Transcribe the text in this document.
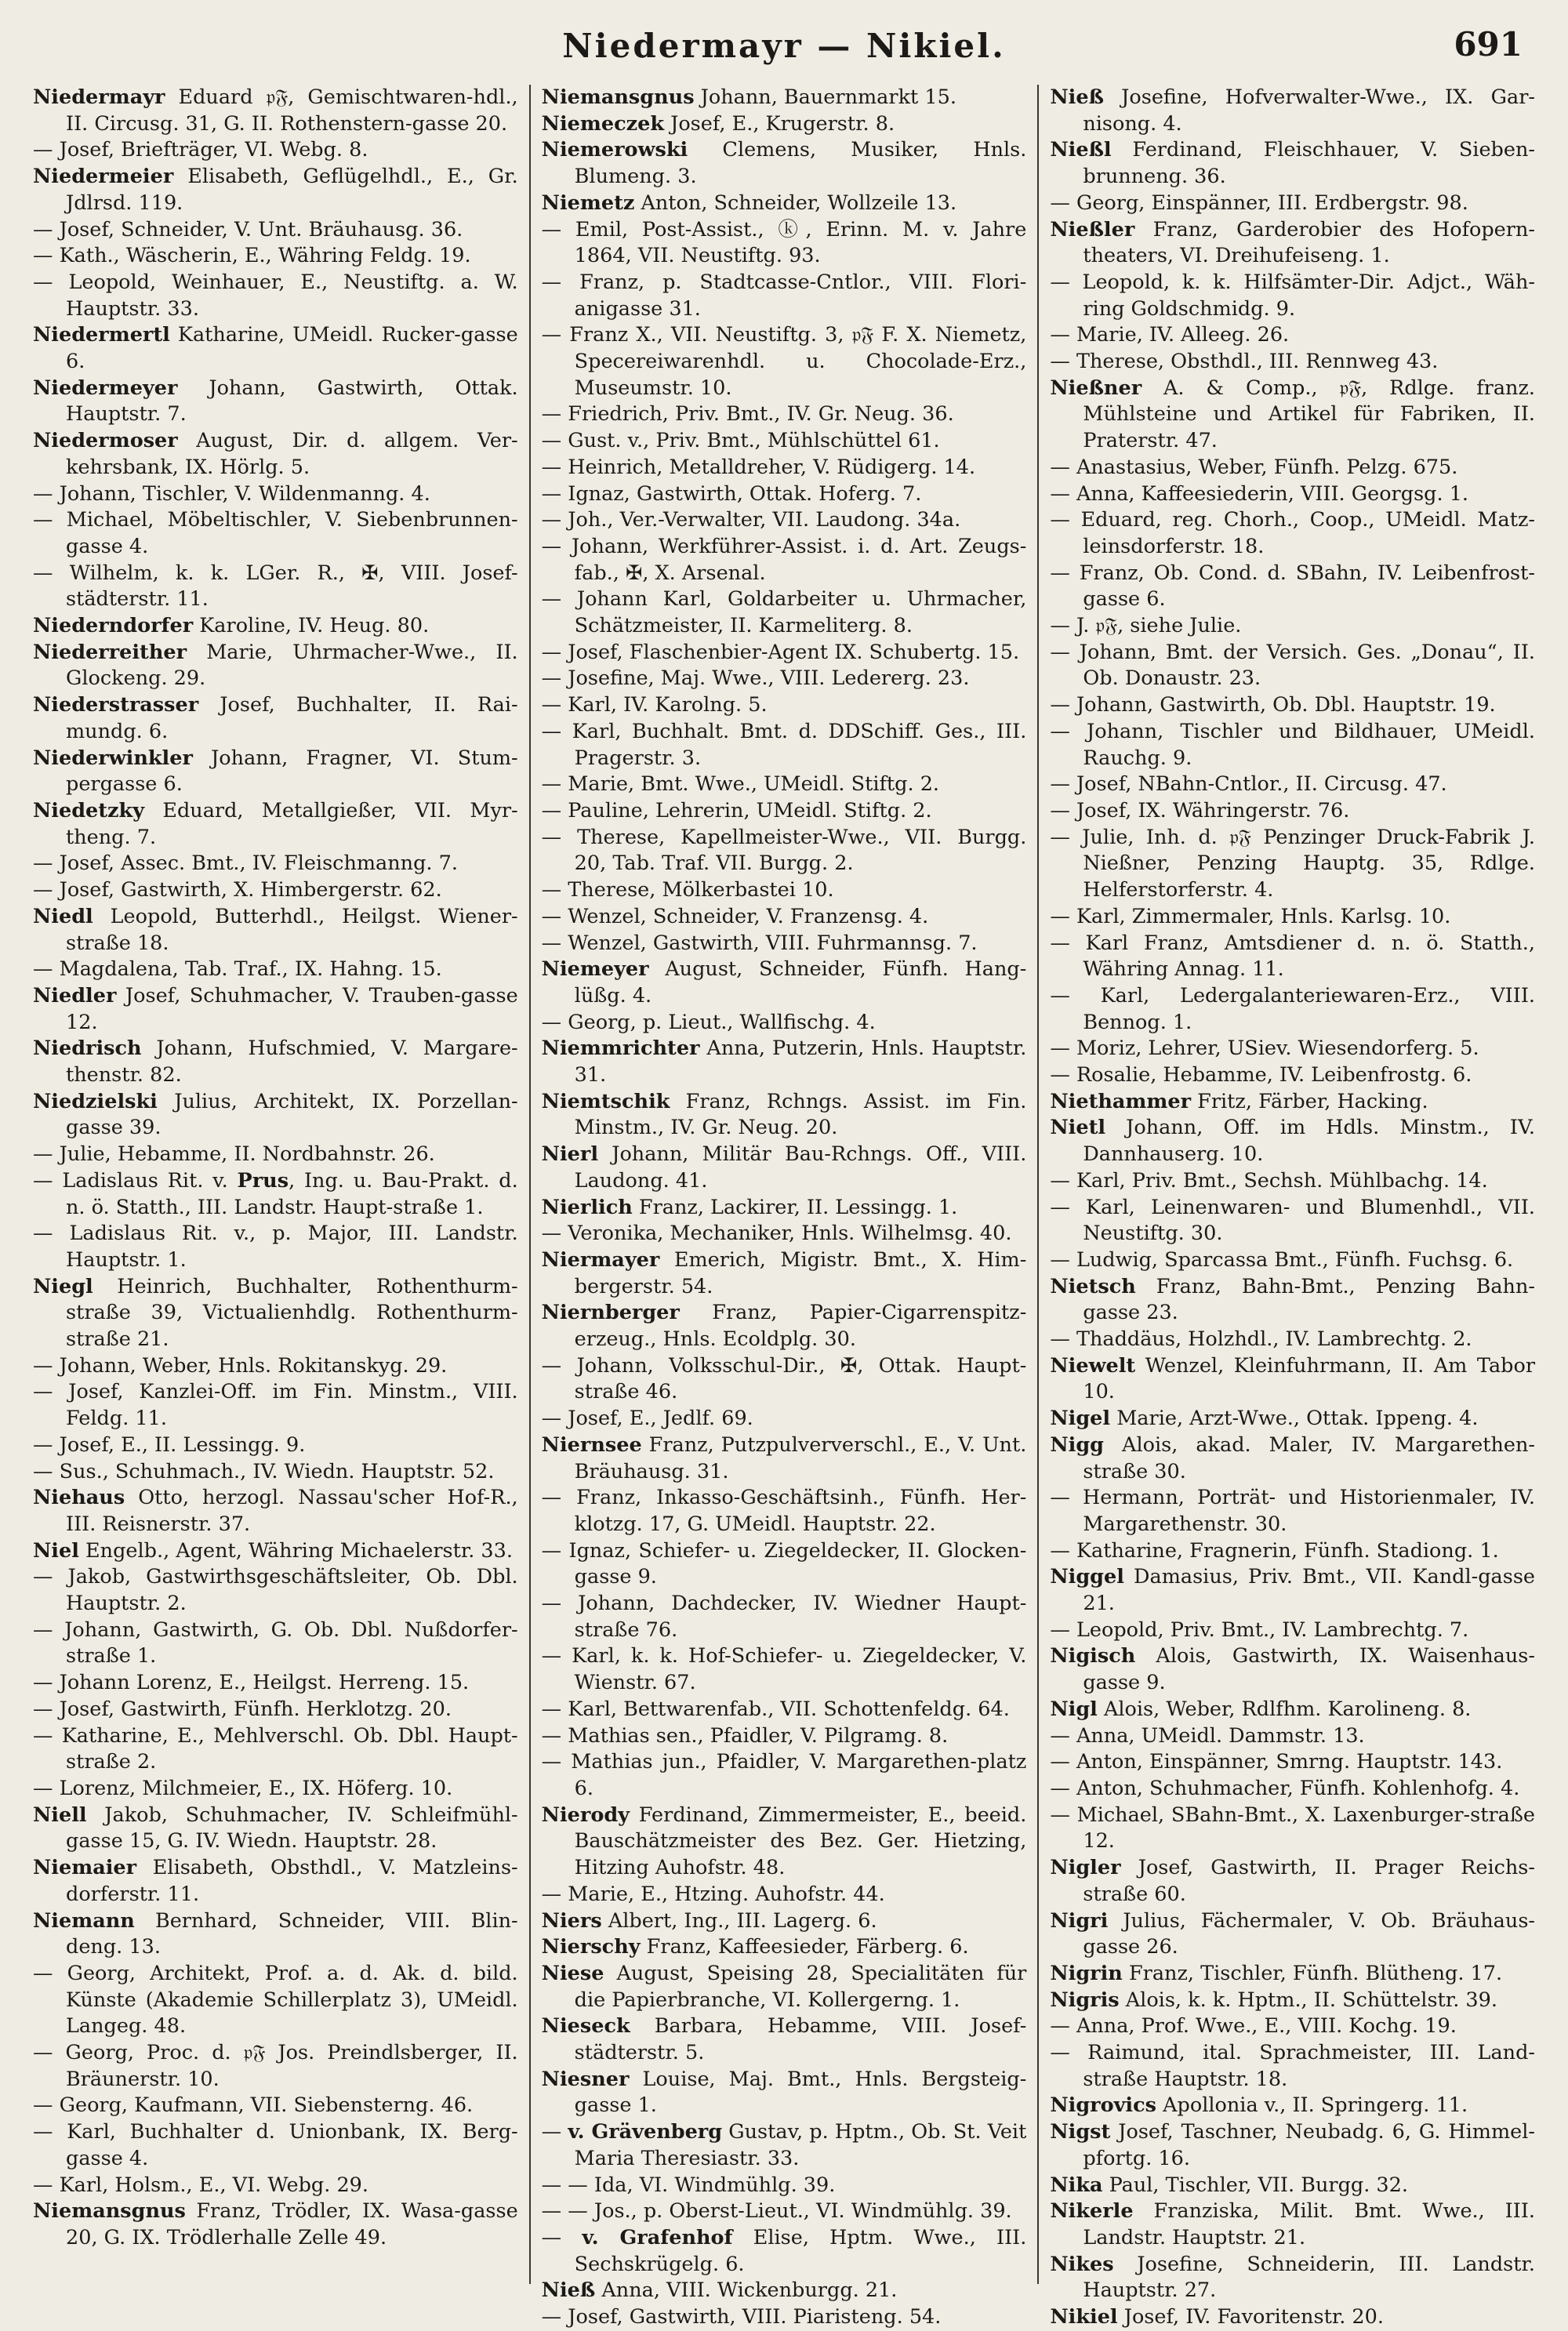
Niedermayr — Nikiel.	691

Niedermayr Eduard 𝔭𝔉, Gemischtwaren-hdl., II. Circusg. 31, G. II. Rothenstern-gasse 20.

— Josef, Briefträger, VI. Webg. 8.

Niedermeier Elisabeth, Geflügelhdl., E., Gr. Jdlrsd. 119.

— Josef, Schneider, V. Unt. Bräuhausg. 36.

— Kath., Wäscherin, E., Währing Feldg. 19.

— Leopold, Weinhauer, E., Neustiftg. a. W. Hauptstr. 33.

Niedermertl Katharine, UMeidl. Rucker-gasse 6.

Niedermeyer Johann, Gastwirth, Ottak. Hauptstr. 7.

Niedermoser August, Dir. d. allgem. Ver-kehrsbank, IX. Hörlg. 5.

— Johann, Tischler, V. Wildenmanng. 4.

— Michael, Möbeltischler, V. Siebenbrunnen-gasse 4.

— Wilhelm, k. k. LGer. R., ✠, VIII. Josef-städterstr. 11.

Niederndorfer Karoline, IV. Heug. 80.

Niederreither Marie, Uhrmacher-Wwe., II. Glockeng. 29.

Niederstrasser Josef, Buchhalter, II. Rai-mundg. 6.

Niederwinkler Johann, Fragner, VI. Stum-pergasse 6.

Niedetzky Eduard, Metallgießer, VII. Myr-theng. 7.

— Josef, Assec. Bmt., IV. Fleischmanng. 7.

— Josef, Gastwirth, X. Himbergerstr. 62.

Niedl Leopold, Butterhdl., Heilgst. Wiener-straße 18.

— Magdalena, Tab. Traf., IX. Hahng. 15.

Niedler Josef, Schuhmacher, V. Trauben-gasse 12.

Niedrisch Johann, Hufschmied, V. Margare-thenstr. 82.

Niedzielski Julius, Architekt, IX. Porzellan-gasse 39.

— Julie, Hebamme, II. Nordbahnstr. 26.

— Ladislaus Rit. v. Prus, Ing. u. Bau-Prakt. d. n. ö. Statth., III. Landstr. Haupt-straße 1.

— Ladislaus Rit. v., p. Major, III. Landstr. Hauptstr. 1.

Niegl Heinrich, Buchhalter, Rothenthurm-straße 39, Victualienhdlg. Rothenthurm-straße 21.

— Johann, Weber, Hnls. Rokitanskyg. 29.

— Josef, Kanzlei-Off. im Fin. Minstm., VIII. Feldg. 11.

— Josef, E., II. Lessingg. 9.

— Sus., Schuhmach., IV. Wiedn. Hauptstr. 52.

Niehaus Otto, herzogl. Nassau'scher Hof-R., III. Reisnerstr. 37.

Niel Engelb., Agent, Währing Michaelerstr. 33.

— Jakob, Gastwirthsgeschäftsleiter, Ob. Dbl. Hauptstr. 2.

— Johann, Gastwirth, G. Ob. Dbl. Nußdorfer-straße 1.

— Johann Lorenz, E., Heilgst. Herreng. 15.

— Josef, Gastwirth, Fünfh. Herklotzg. 20.

— Katharine, E., Mehlverschl. Ob. Dbl. Haupt-straße 2.

— Lorenz, Milchmeier, E., IX. Höferg. 10.

Niell Jakob, Schuhmacher, IV. Schleifmühl-gasse 15, G. IV. Wiedn. Hauptstr. 28.

Niemaier Elisabeth, Obsthdl., V. Matzleins-dorferstr. 11.

Niemann Bernhard, Schneider, VIII. Blin-deng. 13.

— Georg, Architekt, Prof. a. d. Ak. d. bild. Künste (Akademie Schillerplatz 3), UMeidl. Langeg. 48.

— Georg, Proc. d. 𝔭𝔉 Jos. Preindlsberger, II. Bräunerstr. 10.

— Georg, Kaufmann, VII. Siebensterng. 46.

— Karl, Buchhalter d. Unionbank, IX. Berg-gasse 4.

— Karl, Holsm., E., VI. Webg. 29.

Niemansgnus Franz, Trödler, IX. Wasa-gasse 20, G. IX. Trödlerhalle Zelle 49.

Niemansgnus Johann, Bauernmarkt 15.

Niemeczek Josef, E., Krugerstr. 8.

Niemerowski Clemens, Musiker, Hnls. Blumeng. 3.

Niemetz Anton, Schneider, Wollzeile 13.

— Emil, Post-Assist., ⓚ, Erinn. M. v. Jahre 1864, VII. Neustiftg. 93.

— Franz, p. Stadtcasse-Cntlor., VIII. Flori-anigasse 31.

— Franz X., VII. Neustiftg. 3, 𝔭𝔉 F. X. Niemetz, Specereiwarenhdl. u. Chocolade-Erz., Museumstr. 10.

— Friedrich, Priv. Bmt., IV. Gr. Neug. 36.

— Gust. v., Priv. Bmt., Mühlschüttel 61.

— Heinrich, Metalldreher, V. Rüdigerg. 14.

— Ignaz, Gastwirth, Ottak. Hoferg. 7.

— Joh., Ver.-Verwalter, VII. Laudong. 34a.

— Johann, Werkführer-Assist. i. d. Art. Zeugs-fab., ✠, X. Arsenal.

— Johann Karl, Goldarbeiter u. Uhrmacher, Schätzmeister, II. Karmeliterg. 8.

— Josef, Flaschenbier-Agent IX. Schubertg. 15.

— Josefine, Maj. Wwe., VIII. Ledererg. 23.

— Karl, IV. Karolng. 5.

— Karl, Buchhalt. Bmt. d. DDSchiff. Ges., III. Pragerstr. 3.

— Marie, Bmt. Wwe., UMeidl. Stiftg. 2.

— Pauline, Lehrerin, UMeidl. Stiftg. 2.

— Therese, Kapellmeister-Wwe., VII. Burgg. 20, Tab. Traf. VII. Burgg. 2.

— Therese, Mölkerbastei 10.

— Wenzel, Schneider, V. Franzensg. 4.

— Wenzel, Gastwirth, VIII. Fuhrmannsg. 7.

Niemeyer August, Schneider, Fünfh. Hang-lüßg. 4.

— Georg, p. Lieut., Wallfischg. 4.

Niemmrichter Anna, Putzerin, Hnls. Hauptstr. 31.

Niemtschik Franz, Rchngs. Assist. im Fin. Minstm., IV. Gr. Neug. 20.

Nierl Johann, Militär Bau-Rchngs. Off., VIII. Laudong. 41.

Nierlich Franz, Lackirer, II. Lessingg. 1.

— Veronika, Mechaniker, Hnls. Wilhelmsg. 40.

Niermayer Emerich, Migistr. Bmt., X. Him-bergerstr. 54.

Niernberger Franz, Papier-Cigarrenspitz-erzeug., Hnls. Ecoldplg. 30.

— Johann, Volksschul-Dir., ✠, Ottak. Haupt-straße 46.

— Josef, E., Jedlf. 69.

Niernsee Franz, Putzpulververschl., E., V. Unt. Bräuhausg. 31.

— Franz, Inkasso-Geschäftsinh., Fünfh. Her-klotzg. 17, G. UMeidl. Hauptstr. 22.

— Ignaz, Schiefer- u. Ziegeldecker, II. Glocken-gasse 9.

— Johann, Dachdecker, IV. Wiedner Haupt-straße 76.

— Karl, k. k. Hof-Schiefer- u. Ziegeldecker, V. Wienstr. 67.

— Karl, Bettwarenfab., VII. Schottenfeldg. 64.

— Mathias sen., Pfaidler, V. Pilgramg. 8.

— Mathias jun., Pfaidler, V. Margarethen-platz 6.

Nierody Ferdinand, Zimmermeister, E., beeid. Bauschätzmeister des Bez. Ger. Hietzing, Hitzing Auhofstr. 48.

— Marie, E., Htzing. Auhofstr. 44.

Niers Albert, Ing., III. Lagerg. 6.

Nierschy Franz, Kaffeesieder, Färberg. 6.

Niese August, Speising 28, Specialitäten für die Papierbranche, VI. Kollergerng. 1.

Nieseck Barbara, Hebamme, VIII. Josef-städterstr. 5.

Niesner Louise, Maj. Bmt., Hnls. Bergsteig-gasse 1.

— v. Grävenberg Gustav, p. Hptm., Ob. St. Veit Maria Theresiastr. 33.

— — Ida, VI. Windmühlg. 39.

— — Jos., p. Oberst-Lieut., VI. Windmühlg. 39.

— v. Grafenhof Elise, Hptm. Wwe., III. Sechskrügelg. 6.

Nieß Anna, VIII. Wickenburgg. 21.

— Josef, Gastwirth, VIII. Piaristeng. 54.

Nieß Josefine, Hofverwalter-Wwe., IX. Gar-nisong. 4.

Nießl Ferdinand, Fleischhauer, V. Sieben-brunneng. 36.

— Georg, Einspänner, III. Erdbergstr. 98.

Nießler Franz, Garderobier des Hofopern-theaters, VI. Dreihufeiseng. 1.

— Leopold, k. k. Hilfsämter-Dir. Adjct., Wäh-ring Goldschmidg. 9.

— Marie, IV. Alleeg. 26.

— Therese, Obsthdl., III. Rennweg 43.

Nießner A. & Comp., 𝔭𝔉, Rdlge. franz. Mühlsteine und Artikel für Fabriken, II. Praterstr. 47.

— Anastasius, Weber, Fünfh. Pelzg. 675.

— Anna, Kaffeesiederin, VIII. Georgsg. 1.

— Eduard, reg. Chorh., Coop., UMeidl. Matz-leinsdorferstr. 18.

— Franz, Ob. Cond. d. SBahn, IV. Leibenfrost-gasse 6.

— J. 𝔭𝔉, siehe Julie.

— Johann, Bmt. der Versich. Ges. „Donau“, II. Ob. Donaustr. 23.

— Johann, Gastwirth, Ob. Dbl. Hauptstr. 19.

— Johann, Tischler und Bildhauer, UMeidl. Rauchg. 9.

— Josef, NBahn-Cntlor., II. Circusg. 47.

— Josef, IX. Währingerstr. 76.

— Julie, Inh. d. 𝔭𝔉 Penzinger Druck-Fabrik J. Nießner, Penzing Hauptg. 35, Rdlge. Helferstorferstr. 4.

— Karl, Zimmermaler, Hnls. Karlsg. 10.

— Karl Franz, Amtsdiener d. n. ö. Statth., Währing Annag. 11.

— Karl, Ledergalanteriewaren-Erz., VIII. Bennog. 1.

— Moriz, Lehrer, USiev. Wiesendorferg. 5.

— Rosalie, Hebamme, IV. Leibenfrostg. 6.

Niethammer Fritz, Färber, Hacking.

Nietl Johann, Off. im Hdls. Minstm., IV. Dannhauserg. 10.

— Karl, Priv. Bmt., Sechsh. Mühlbachg. 14.

— Karl, Leinenwaren- und Blumenhdl., VII. Neustiftg. 30.

— Ludwig, Sparcassa Bmt., Fünfh. Fuchsg. 6.

Nietsch Franz, Bahn-Bmt., Penzing Bahn-gasse 23.

— Thaddäus, Holzhdl., IV. Lambrechtg. 2.

Niewelt Wenzel, Kleinfuhrmann, II. Am Tabor 10.

Nigel Marie, Arzt-Wwe., Ottak. Ippeng. 4.

Nigg Alois, akad. Maler, IV. Margarethen-straße 30.

— Hermann, Porträt- und Historienmaler, IV. Margarethenstr. 30.

— Katharine, Fragnerin, Fünfh. Stadiong. 1.

Niggel Damasius, Priv. Bmt., VII. Kandl-gasse 21.

— Leopold, Priv. Bmt., IV. Lambrechtg. 7.

Nigisch Alois, Gastwirth, IX. Waisenhaus-gasse 9.

Nigl Alois, Weber, Rdlfhm. Karolineng. 8.

— Anna, UMeidl. Dammstr. 13.

— Anton, Einspänner, Smrng. Hauptstr. 143.

— Anton, Schuhmacher, Fünfh. Kohlenhofg. 4.

— Michael, SBahn-Bmt., X. Laxenburger-straße 12.

Nigler Josef, Gastwirth, II. Prager Reichs-straße 60.

Nigri Julius, Fächermaler, V. Ob. Bräuhaus-gasse 26.

Nigrin Franz, Tischler, Fünfh. Blütheng. 17.

Nigris Alois, k. k. Hptm., II. Schüttelstr. 39.

— Anna, Prof. Wwe., E., VIII. Kochg. 19.

— Raimund, ital. Sprachmeister, III. Land-straße Hauptstr. 18.

Nigrovics Apollonia v., II. Springerg. 11.

Nigst Josef, Taschner, Neubadg. 6, G. Himmel-pfortg. 16.

Nika Paul, Tischler, VII. Burgg. 32.

Nikerle Franziska, Milit. Bmt. Wwe., III. Landstr. Hauptstr. 21.

Nikes Josefine, Schneiderin, III. Landstr. Hauptstr. 27.

Nikiel Josef, IV. Favoritenstr. 20.
